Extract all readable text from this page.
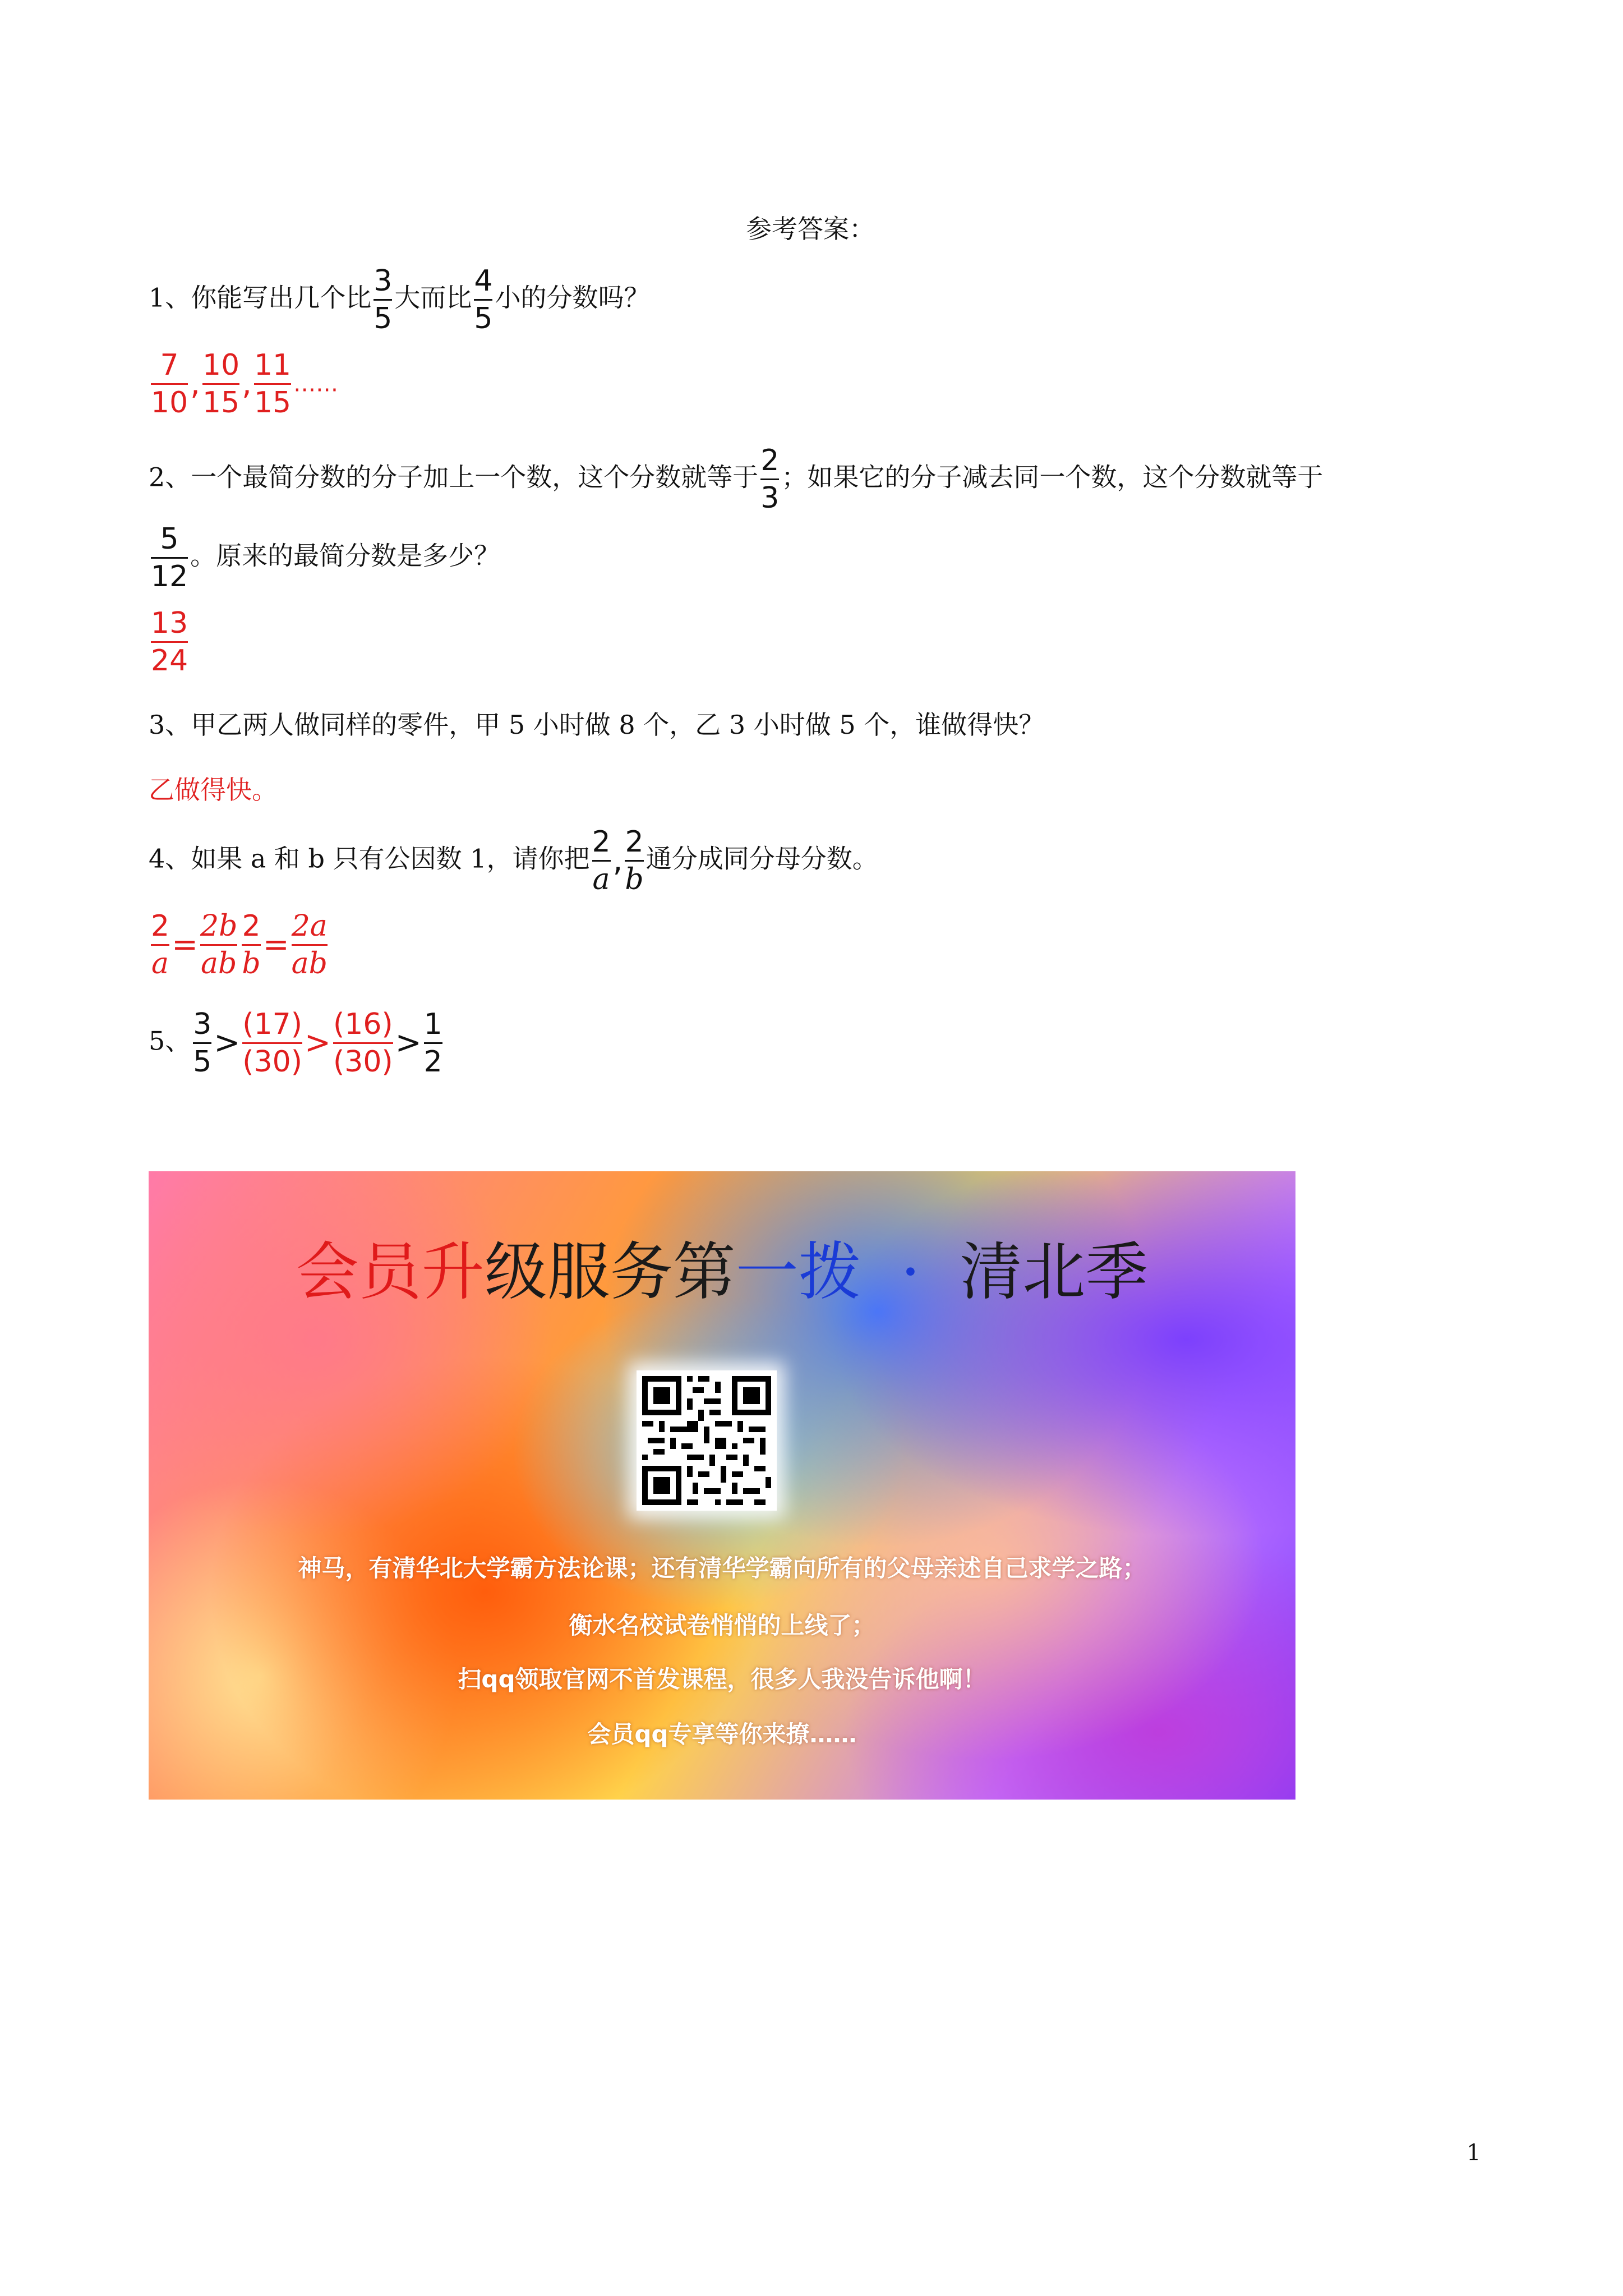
参考答案：
1、你能写出几个比 $\frac{3}{5}$ 大而比 $\frac{4}{5}$ 小的分数吗？
$\frac{7}{10}$ , $\frac{10}{15}$ , $\frac{11}{15}$ ……
2、一个最简分数的分子加上一个数，这个分数就等于 $\frac{2}{3}$ ；如果它的分子减去同一个数，这个分数就等于
$\frac{5}{12}$ 。原来的最简分数是多少？
$\frac{13}{24}$
3、甲乙两人做同样的零件，甲 5 小时做 8 个，乙 3 小时做 5 个，谁做得快？
乙做得快。
4、如果 a 和 b 只有公因数 1，请你把 $\frac{2}{a}$ , $\frac{2}{b}$ 通分成同分母分数。
$\frac{2}{a} = \frac{2b}{ab} \frac{2}{b} = \frac{2a}{ab}$
5、 $\frac{3}{5} > \frac{(17)}{(30)} > \frac{(16)}{(30)} > \frac{1}{2}$
会员升级服务第一拨 · 清北季
神马，有清华北大学霸方法论课；还有清华学霸向所有的父母亲述自己求学之路；
衡水名校试卷悄悄的上线了；
扫qq领取官网不首发课程，很多人我没告诉他啊！
会员qq专享等你来撩……
1
